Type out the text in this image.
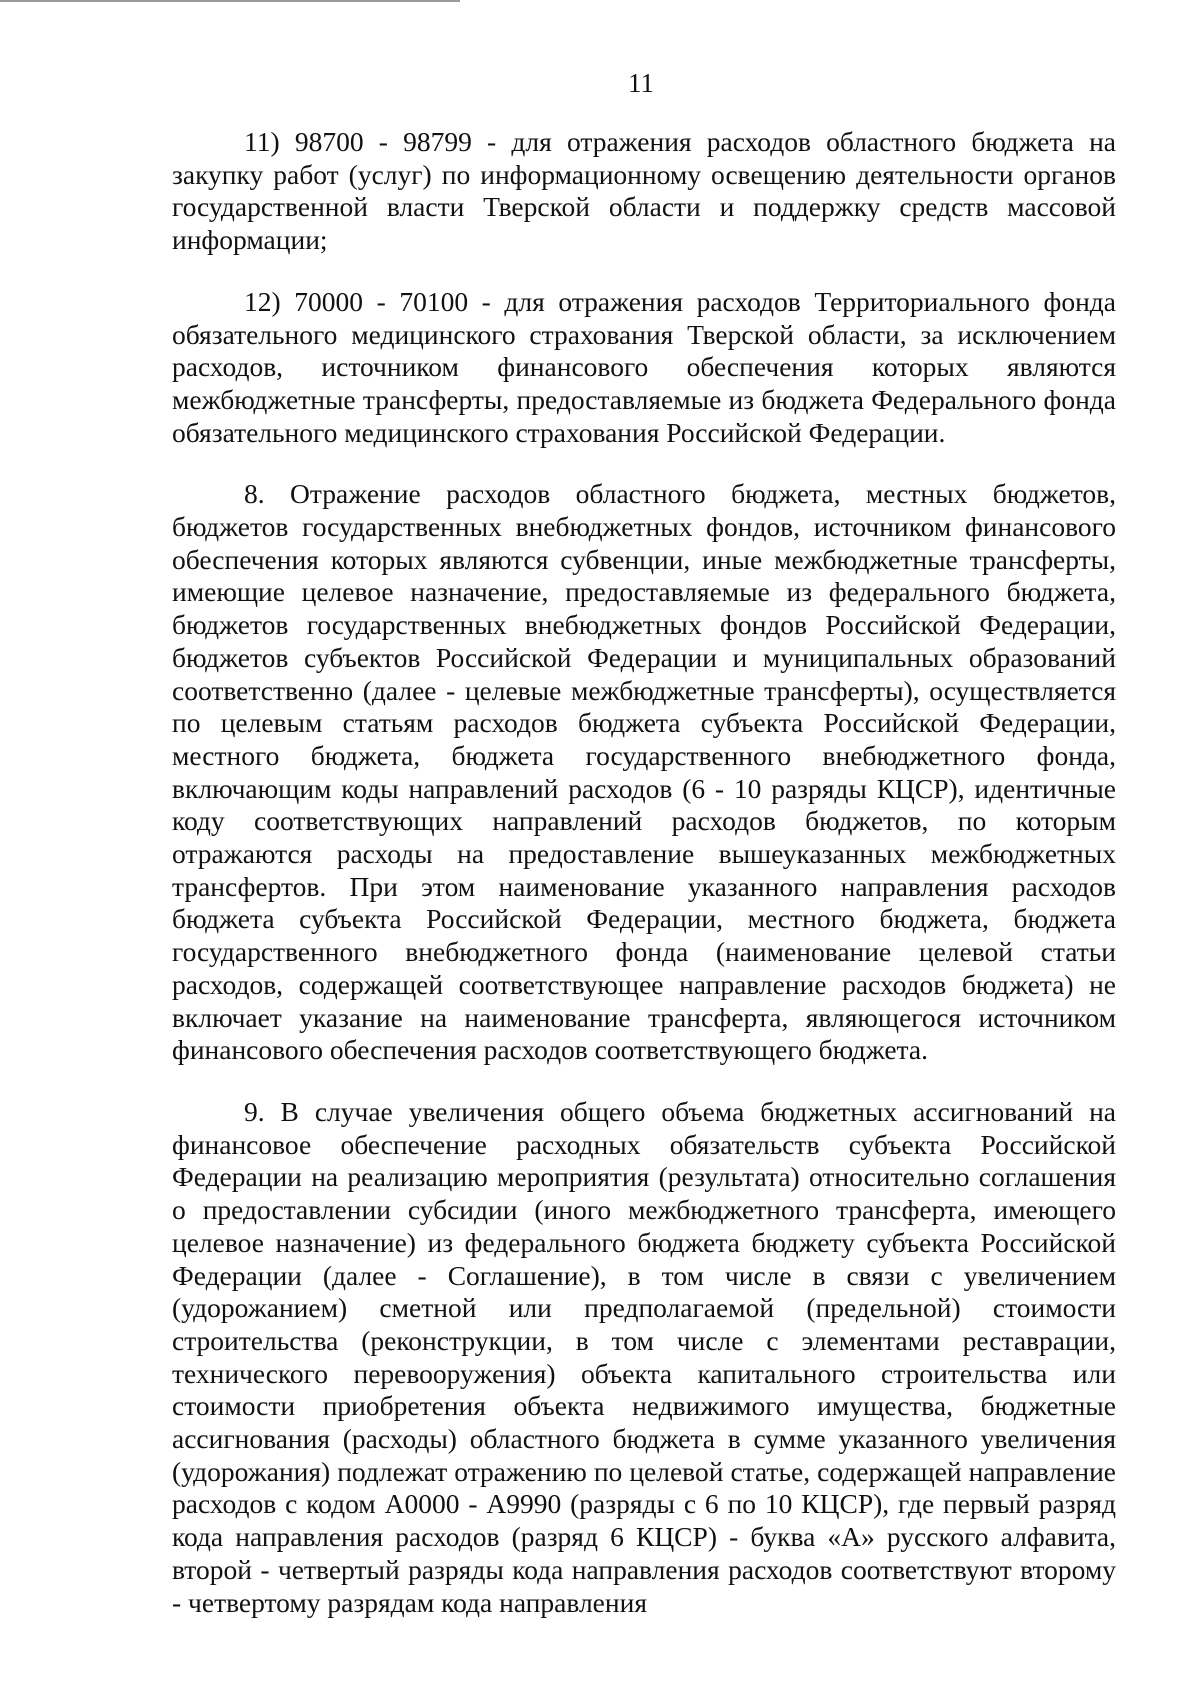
11

11) 98700 - 98799 - для отражения расходов областного бюджета на закупку работ (услуг) по информационному освещению деятельности органов государственной власти Тверской области и поддержку средств массовой информации;

12) 70000 - 70100 - для отражения расходов Территориального фонда обязательного медицинского страхования Тверской области, за исключением расходов, источником финансового обеспечения которых являются межбюджетные трансферты, предоставляемые из бюджета Федерального фонда обязательного медицинского страхования Российской Федерации.

8. Отражение расходов областного бюджета, местных бюджетов, бюджетов государственных внебюджетных фондов, источником финансового обеспечения которых являются субвенции, иные межбюджетные трансферты, имеющие целевое назначение, предоставляемые из федерального бюджета, бюджетов государственных внебюджетных фондов Российской Федерации, бюджетов субъектов Российской Федерации и муниципальных образований соответственно (далее - целевые межбюджетные трансферты), осуществляется по целевым статьям расходов бюджета субъекта Российской Федерации, местного бюджета, бюджета государственного внебюджетного фонда, включающим коды направлений расходов (6 - 10 разряды КЦСР), идентичные коду соответствующих направлений расходов бюджетов, по которым отражаются расходы на предоставление вышеуказанных межбюджетных трансфертов. При этом наименование указанного направления расходов бюджета субъекта Российской Федерации, местного бюджета, бюджета государственного внебюджетного фонда (наименование целевой статьи расходов, содержащей соответствующее направление расходов бюджета) не включает указание на наименование трансферта, являющегося источником финансового обеспечения расходов соответствующего бюджета.

9. В случае увеличения общего объема бюджетных ассигнований на финансовое обеспечение расходных обязательств субъекта Российской Федерации на реализацию мероприятия (результата) относительно соглашения о предоставлении субсидии (иного межбюджетного трансферта, имеющего целевое назначение) из федерального бюджета бюджету субъекта Российской Федерации (далее - Соглашение), в том числе в связи с увеличением (удорожанием) сметной или предполагаемой (предельной) стоимости строительства (реконструкции, в том числе с элементами реставрации, технического перевооружения) объекта капитального строительства или стоимости приобретения объекта недвижимого имущества, бюджетные ассигнования (расходы) областного бюджета в сумме указанного увеличения (удорожания) подлежат отражению по целевой статье, содержащей направление расходов с кодом А0000 - А9990 (разряды с 6 по 10 КЦСР), где первый разряд кода направления расходов (разряд 6 КЦСР) - буква «А» русского алфавита, второй - четвертый разряды кода направления расходов соответствуют второму - четвертому разрядам кода направления
